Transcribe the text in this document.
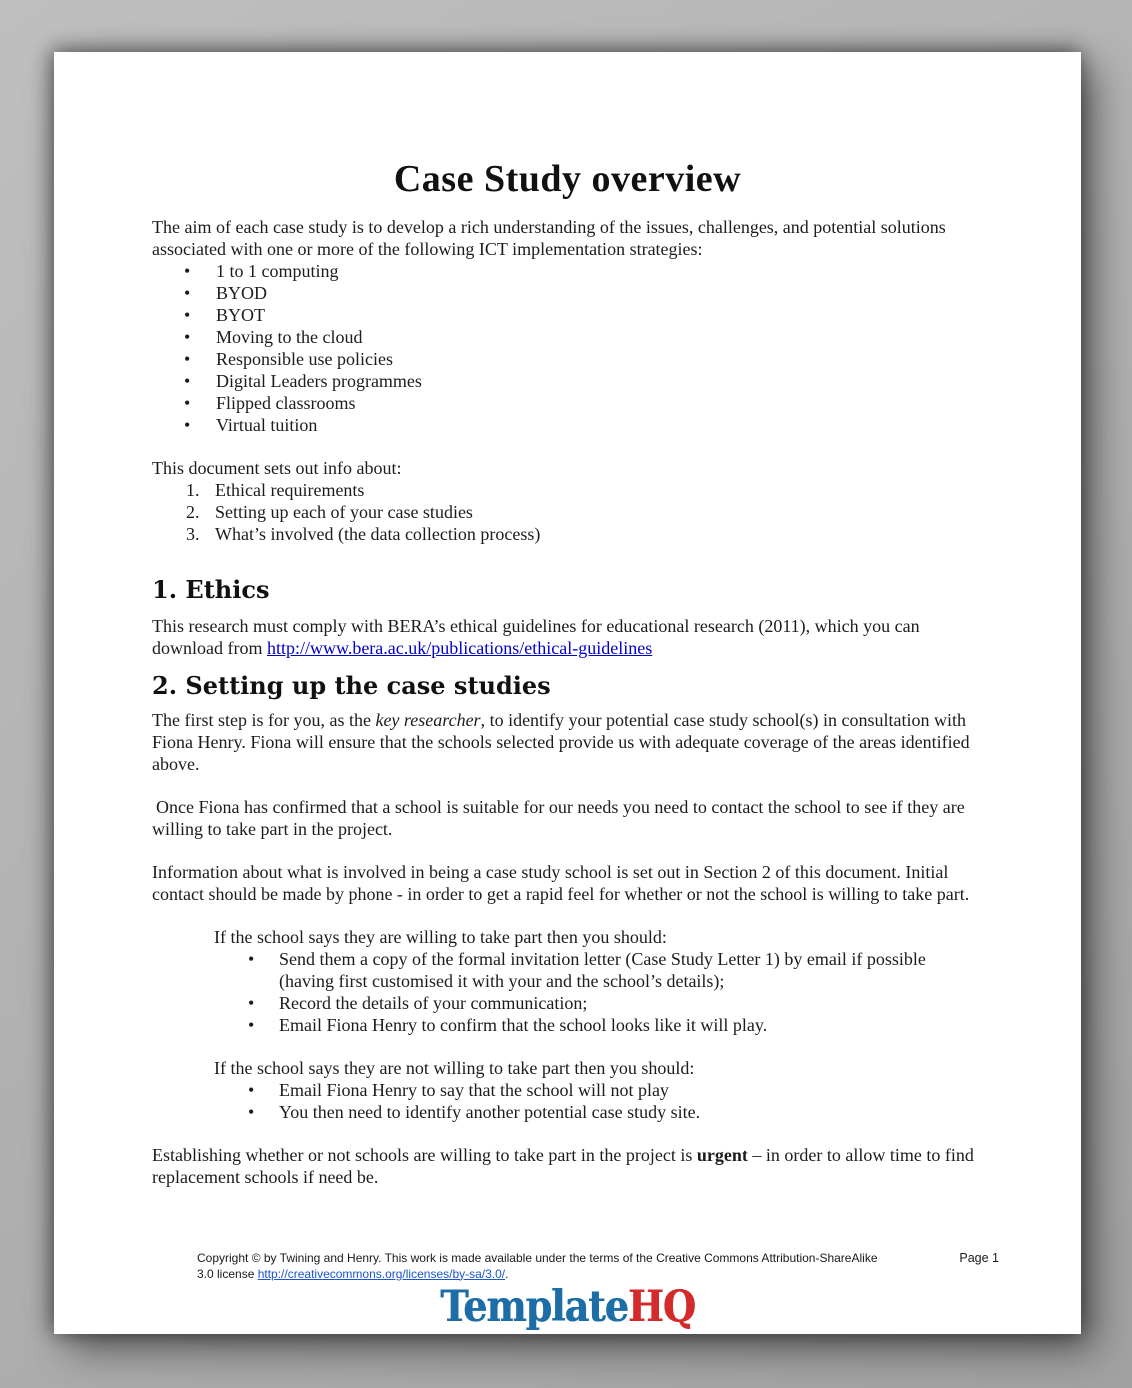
Case Study overview

The aim of each case study is to develop a rich understanding of the issues, challenges, and potential solutions associated with one or more of the following ICT implementation strategies:

• 1 to 1 computing
• BYOD
• BYOT
• Moving to the cloud
• Responsible use policies
• Digital Leaders programmes
• Flipped classrooms
• Virtual tuition

This document sets out info about:

Ethical requirements
Setting up each of your case studies
What’s involved (the data collection process)
1. Ethics

This research must comply with BERA’s ethical guidelines for educational research (2011), which you can download from http://www.bera.ac.uk/publications/ethical-guidelines

2. Setting up the case studies

The first step is for you, as the key researcher, to identify your potential case study school(s) in consultation with Fiona Henry. Fiona will ensure that the schools selected provide us with adequate coverage of the areas identified above.

Once Fiona has confirmed that a school is suitable for our needs you need to contact the school to see if they are willing to take part in the project.

Information about what is involved in being a case study school is set out in Section 2 of this document. Initial contact should be made by phone - in order to get a rapid feel for whether or not the school is willing to take part.

If the school says they are willing to take part then you should:

• Send them a copy of the formal invitation letter (Case Study Letter 1) by email if possible (having first customised it with your and the school’s details);
• Record the details of your communication;
• Email Fiona Henry to confirm that the school looks like it will play.

If the school says they are not willing to take part then you should:

• Email Fiona Henry to say that the school will not play
• You then need to identify another potential case study site.

Establishing whether or not schools are willing to take part in the project is urgent – in order to allow time to find replacement schools if need be.

Copyright © by Twining and Henry. This work is made available under the terms of the Creative Commons Attribution-ShareAlike
3.0 license http://creativecommons.org/licenses/by-sa/3.0/.
Page 1
TemplateHQ
